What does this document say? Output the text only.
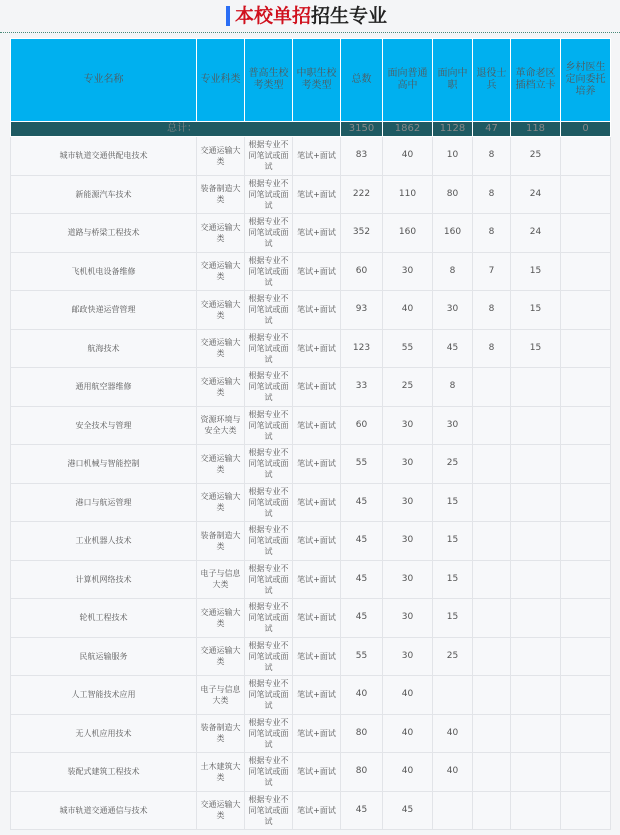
本校单招招生专业
专业名称	专业科类	普高生校考类型	中职生校考类型	总数	面向普通高中	面向中职	退役士兵	革命老区插档立卡	乡村医生定向委托培养
总计：				3150	1862	1128	47	118	0
城市轨道交通供配电技术	交通运输大类	根据专业不同笔试或面试	笔试+面试	83	40	10	8	25	
新能源汽车技术	装备制造大类	根据专业不同笔试或面试	笔试+面试	222	110	80	8	24	
道路与桥梁工程技术	交通运输大类	根据专业不同笔试或面试	笔试+面试	352	160	160	8	24	
飞机机电设备维修	交通运输大类	根据专业不同笔试或面试	笔试+面试	60	30	8	7	15	
邮政快递运营管理	交通运输大类	根据专业不同笔试或面试	笔试+面试	93	40	30	8	15	
航海技术	交通运输大类	根据专业不同笔试或面试	笔试+面试	123	55	45	8	15	
通用航空器维修	交通运输大类	根据专业不同笔试或面试	笔试+面试	33	25	8			
安全技术与管理	资源环境与安全大类	根据专业不同笔试或面试	笔试+面试	60	30	30			
港口机械与智能控制	交通运输大类	根据专业不同笔试或面试	笔试+面试	55	30	25			
港口与航运管理	交通运输大类	根据专业不同笔试或面试	笔试+面试	45	30	15			
工业机器人技术	装备制造大类	根据专业不同笔试或面试	笔试+面试	45	30	15			
计算机网络技术	电子与信息大类	根据专业不同笔试或面试	笔试+面试	45	30	15			
轮机工程技术	交通运输大类	根据专业不同笔试或面试	笔试+面试	45	30	15			
民航运输服务	交通运输大类	根据专业不同笔试或面试	笔试+面试	55	30	25			
人工智能技术应用	电子与信息大类	根据专业不同笔试或面试	笔试+面试	40	40				
无人机应用技术	装备制造大类	根据专业不同笔试或面试	笔试+面试	80	40	40			
装配式建筑工程技术	土木建筑大类	根据专业不同笔试或面试	笔试+面试	80	40	40			
城市轨道交通通信与技术	交通运输大类	根据专业不同笔试或面试	笔试+面试	45	45				
